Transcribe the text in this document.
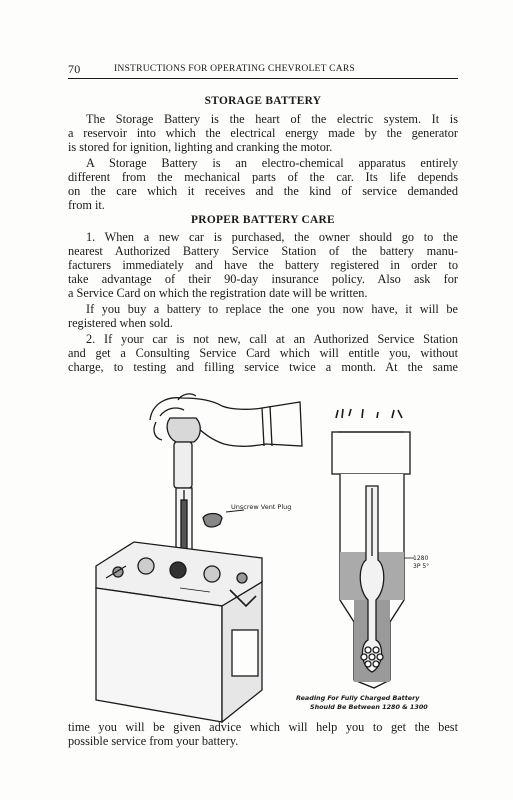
70	INSTRUCTIONS FOR OPERATING CHEVROLET CARS
STORAGE BATTERY
The Storage Battery is the heart of the electric system. It is
a reservoir into which the electrical energy made by the generator
is stored for ignition, lighting and cranking the motor.
A Storage Battery is an electro-chemical apparatus entirely
different from the mechanical parts of the car. Its life depends
on the care which it receives and the kind of service demanded
from it.
PROPER BATTERY CARE
1. When a new car is purchased, the owner should go to the
nearest Authorized Battery Service Station of the battery manu-
facturers immediately and have the battery registered in order to
take advantage of their 90-day insurance policy. Also ask for
a Service Card on which the registration date will be written.
If you buy a battery to replace the one you now have, it will be
registered when sold.
2. If your car is not new, call at an Authorized Service Station
and get a Consulting Service Card which will entitle you, without
charge, to testing and filling service twice a month. At the same
Unscrew Vent Plug
1280
3P 5°
Reading For Fully Charged Battery
Should Be Between 1280 & 1300
time you will be given advice which will help you to get the best
possible service from your battery.
